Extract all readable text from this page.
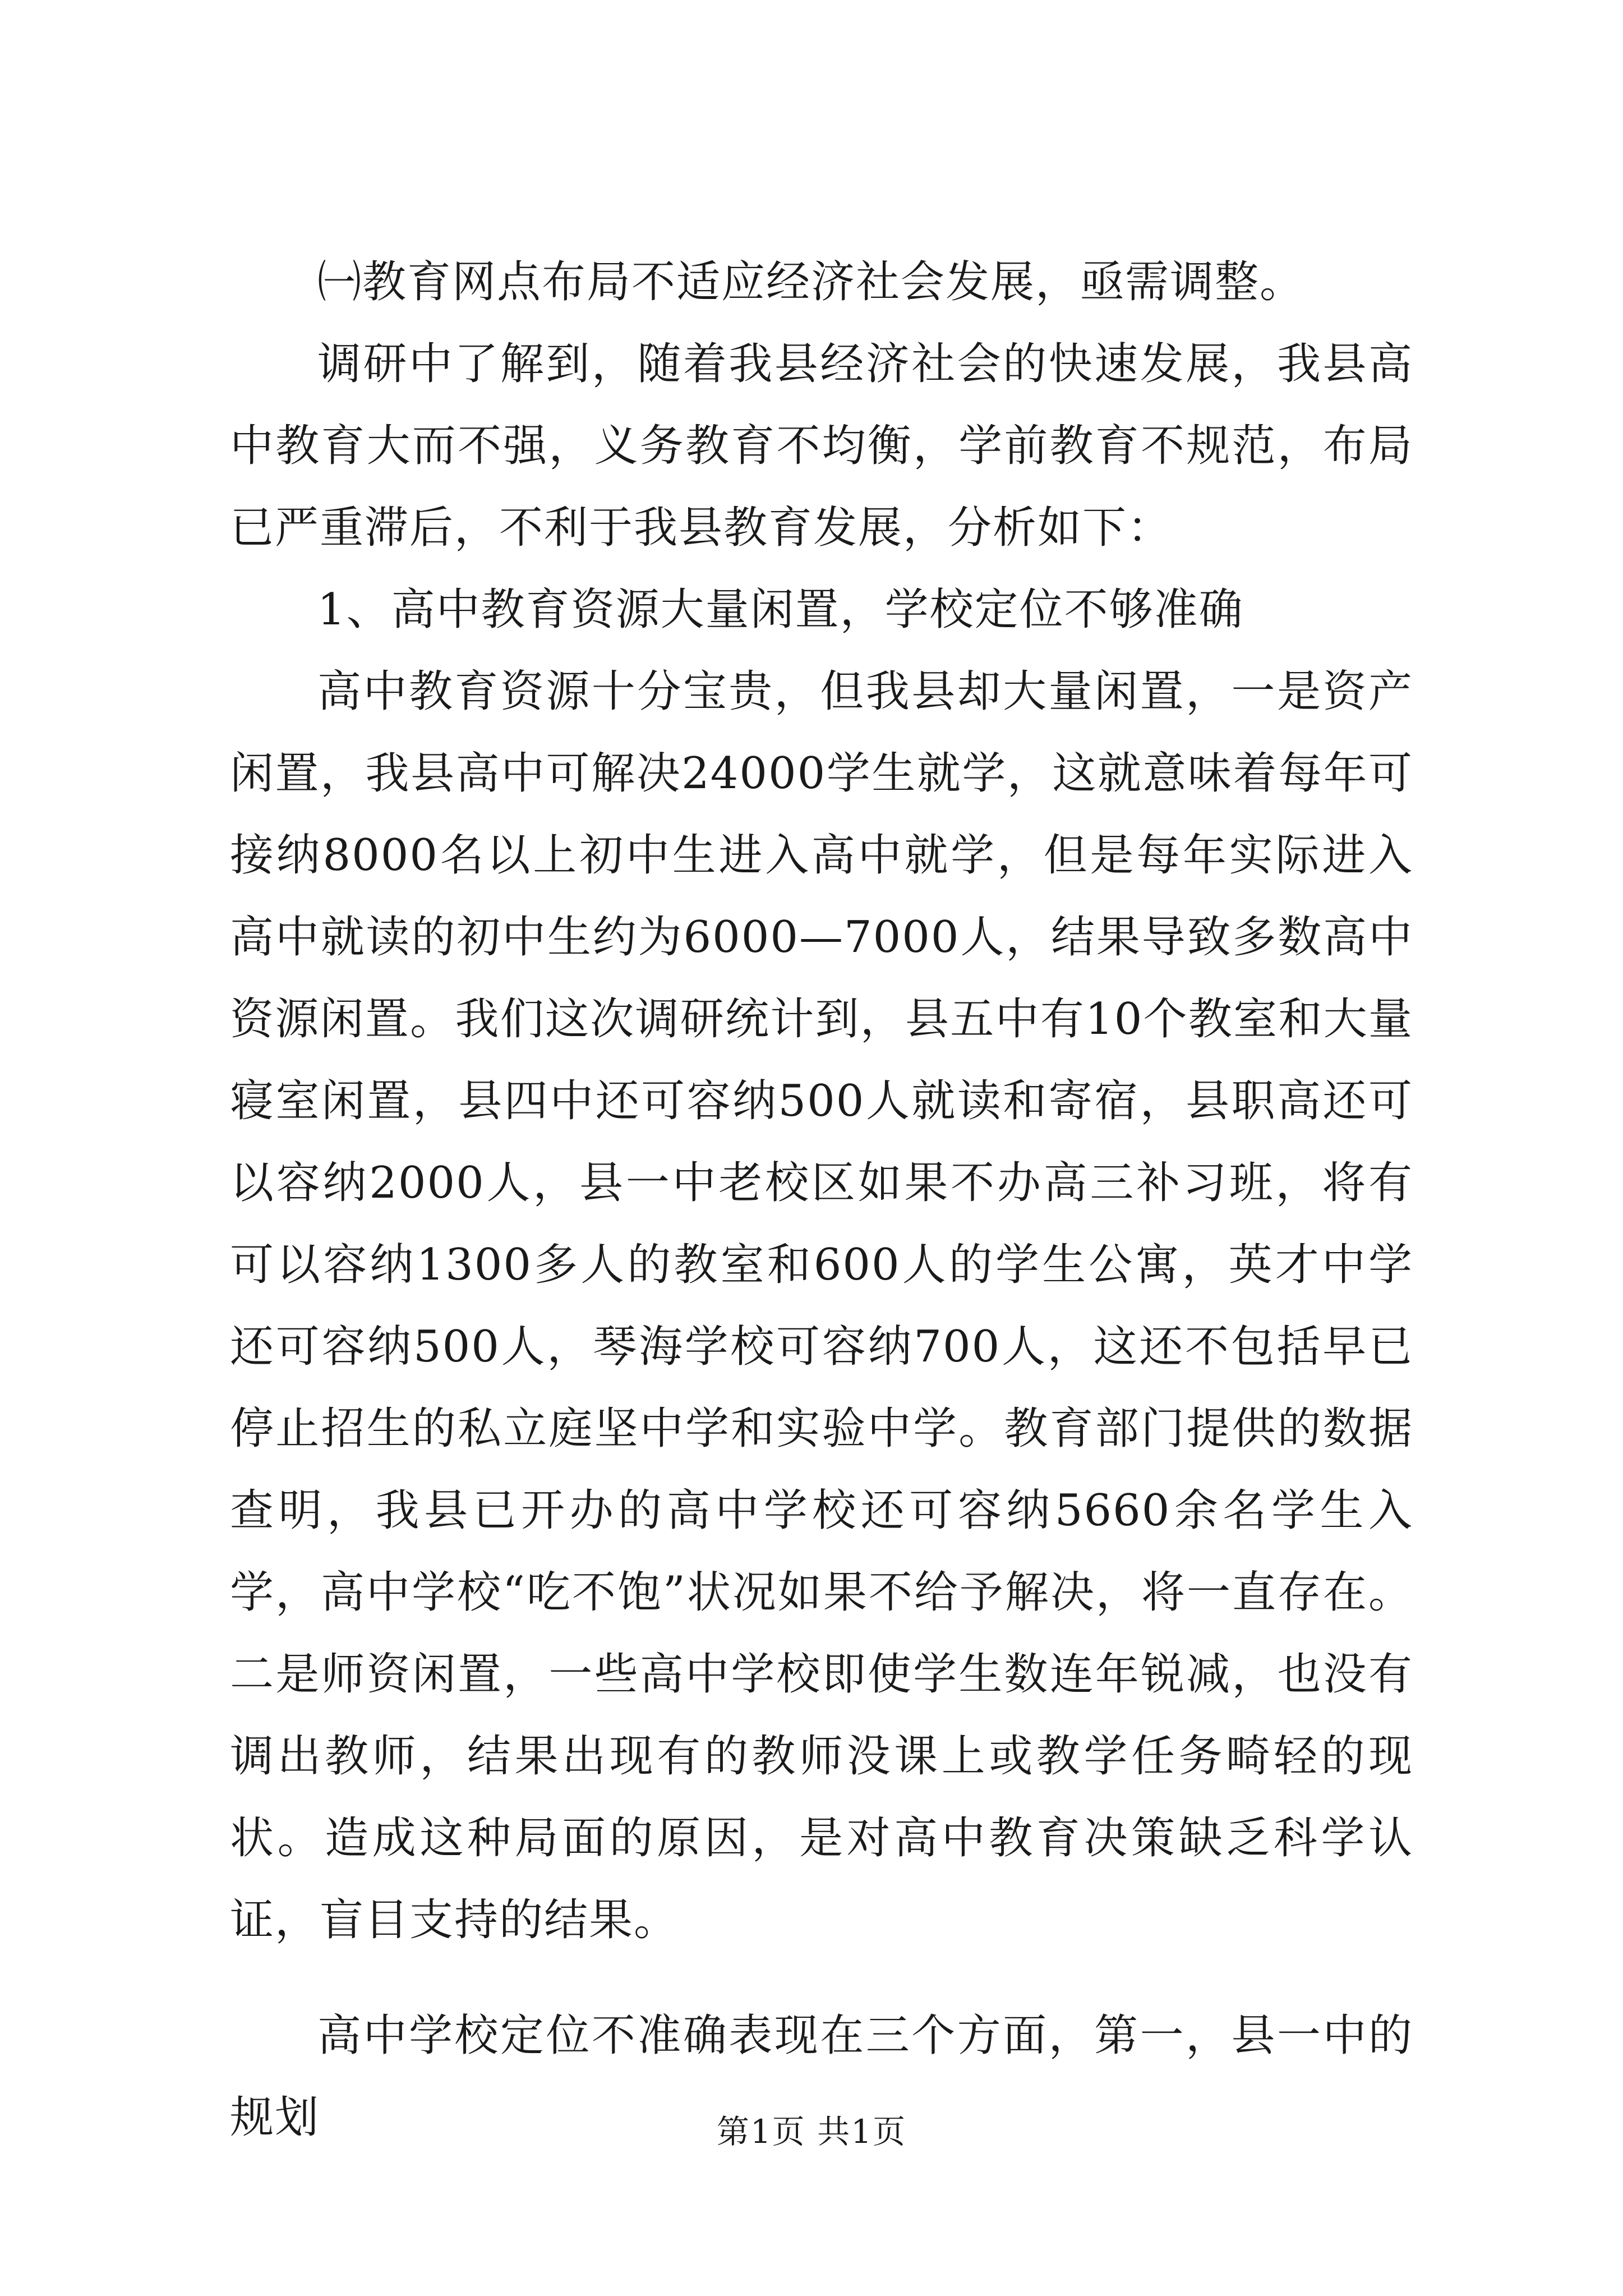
㈠教育网点布局不适应经济社会发展，亟需调整。

调研中了解到，随着我县经济社会的快速发展，我县高中教育大而不强，义务教育不均衡，学前教育不规范，布局已严重滞后，不利于我县教育发展，分析如下：

1、高中教育资源大量闲置，学校定位不够准确

高中教育资源十分宝贵，但我县却大量闲置，一是资产闲置，我县高中可解决24000学生就学，这就意味着每年可接纳8000名以上初中生进入高中就学，但是每年实际进入高中就读的初中生约为6000—7000人，结果导致多数高中资源闲置。我们这次调研统计到，县五中有10个教室和大量寝室闲置，县四中还可容纳500人就读和寄宿，县职高还可以容纳2000人，县一中老校区如果不办高三补习班，将有可以容纳1300多人的教室和600人的学生公寓，英才中学还可容纳500人，琴海学校可容纳700人，这还不包括早已停止招生的私立庭坚中学和实验中学。教育部门提供的数据查明，我县已开办的高中学校还可容纳5660余名学生入学，高中学校“吃不饱”状况如果不给予解决，将一直存在。二是师资闲置，一些高中学校即使学生数连年锐减，也没有调出教师，结果出现有的教师没课上或教学任务畸轻的现状。造成这种局面的原因，是对高中教育决策缺乏科学认证，盲目支持的结果。

高中学校定位不准确表现在三个方面，第一，县一中的规划	第1页 共1页
